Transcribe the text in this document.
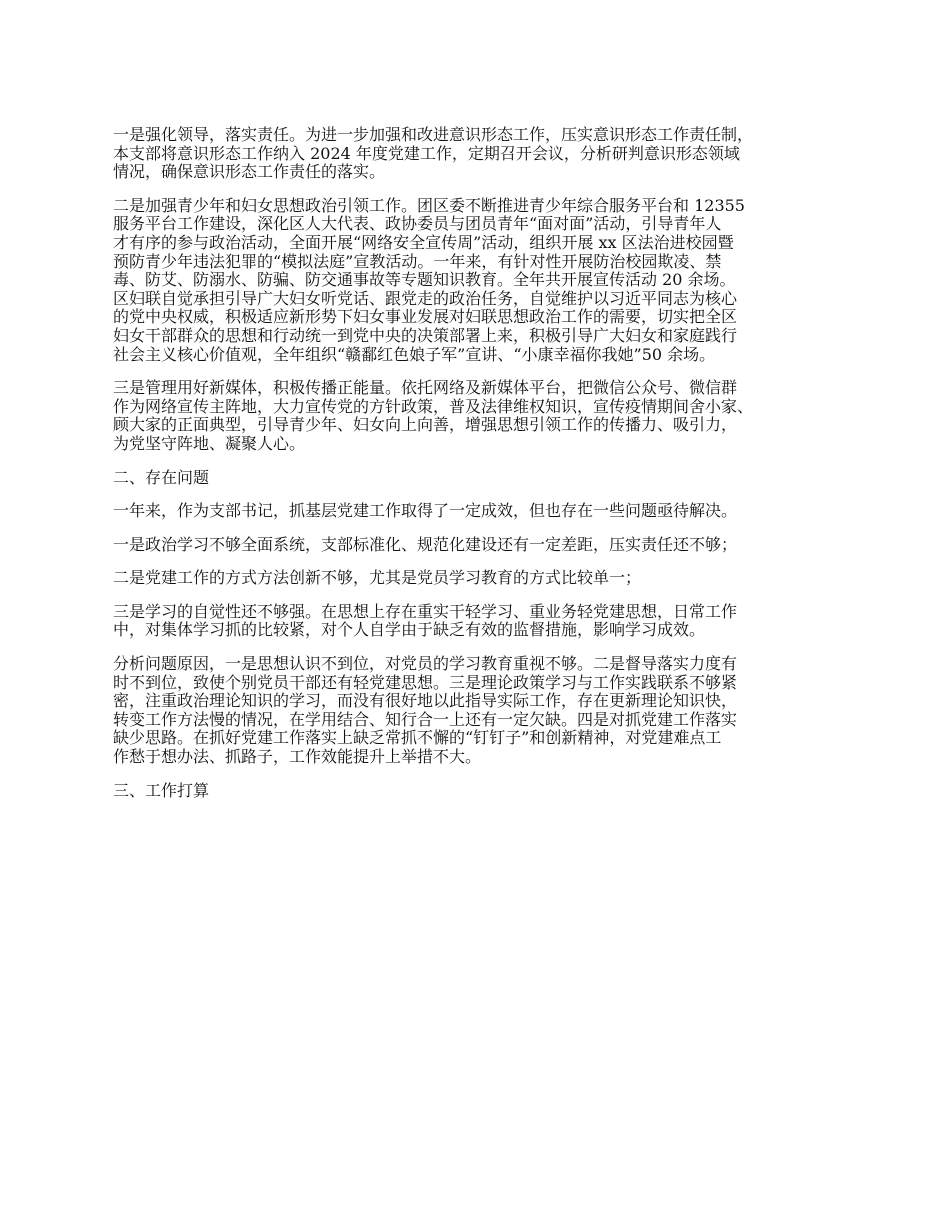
一是强化领导，落实责任。为进一步加强和改进意识形态工作，压实意识形态工作责任制，
本支部将意识形态工作纳入 2024 年度党建工作，定期召开会议，分析研判意识形态领域
情况，确保意识形态工作责任的落实。
二是加强青少年和妇女思想政治引领工作。团区委不断推进青少年综合服务平台和 12355
服务平台工作建设，深化区人大代表、政协委员与团员青年“面对面”活动，引导青年人
才有序的参与政治活动，全面开展“网络安全宣传周”活动，组织开展 xx 区法治进校园暨
预防青少年违法犯罪的“模拟法庭”宣教活动。一年来，有针对性开展防治校园欺凌、禁
毒、防艾、防溺水、防骗、防交通事故等专题知识教育。全年共开展宣传活动 20 余场。
区妇联自觉承担引导广大妇女听党话、跟党走的政治任务，自觉维护以习近平同志为核心
的党中央权威，积极适应新形势下妇女事业发展对妇联思想政治工作的需要，切实把全区
妇女干部群众的思想和行动统一到党中央的决策部署上来，积极引导广大妇女和家庭践行
社会主义核心价值观，全年组织“赣鄱红色娘子军”宣讲、“小康幸福你我她”50 余场。
三是管理用好新媒体，积极传播正能量。依托网络及新媒体平台，把微信公众号、微信群
作为网络宣传主阵地，大力宣传党的方针政策，普及法律维权知识，宣传疫情期间舍小家、
顾大家的正面典型，引导青少年、妇女向上向善，增强思想引领工作的传播力、吸引力，
为党坚守阵地、凝聚人心。
二、存在问题
一年来，作为支部书记，抓基层党建工作取得了一定成效，但也存在一些问题亟待解决。
一是政治学习不够全面系统，支部标准化、规范化建设还有一定差距，压实责任还不够；
二是党建工作的方式方法创新不够，尤其是党员学习教育的方式比较单一；
三是学习的自觉性还不够强。在思想上存在重实干轻学习、重业务轻党建思想，日常工作
中，对集体学习抓的比较紧，对个人自学由于缺乏有效的监督措施，影响学习成效。
分析问题原因，一是思想认识不到位，对党员的学习教育重视不够。二是督导落实力度有
时不到位，致使个别党员干部还有轻党建思想。三是理论政策学习与工作实践联系不够紧
密，注重政治理论知识的学习，而没有很好地以此指导实际工作，存在更新理论知识快，
转变工作方法慢的情况，在学用结合、知行合一上还有一定欠缺。四是对抓党建工作落实
缺少思路。在抓好党建工作落实上缺乏常抓不懈的“钉钉子”和创新精神，对党建难点工
作愁于想办法、抓路子，工作效能提升上举措不大。
三、工作打算
